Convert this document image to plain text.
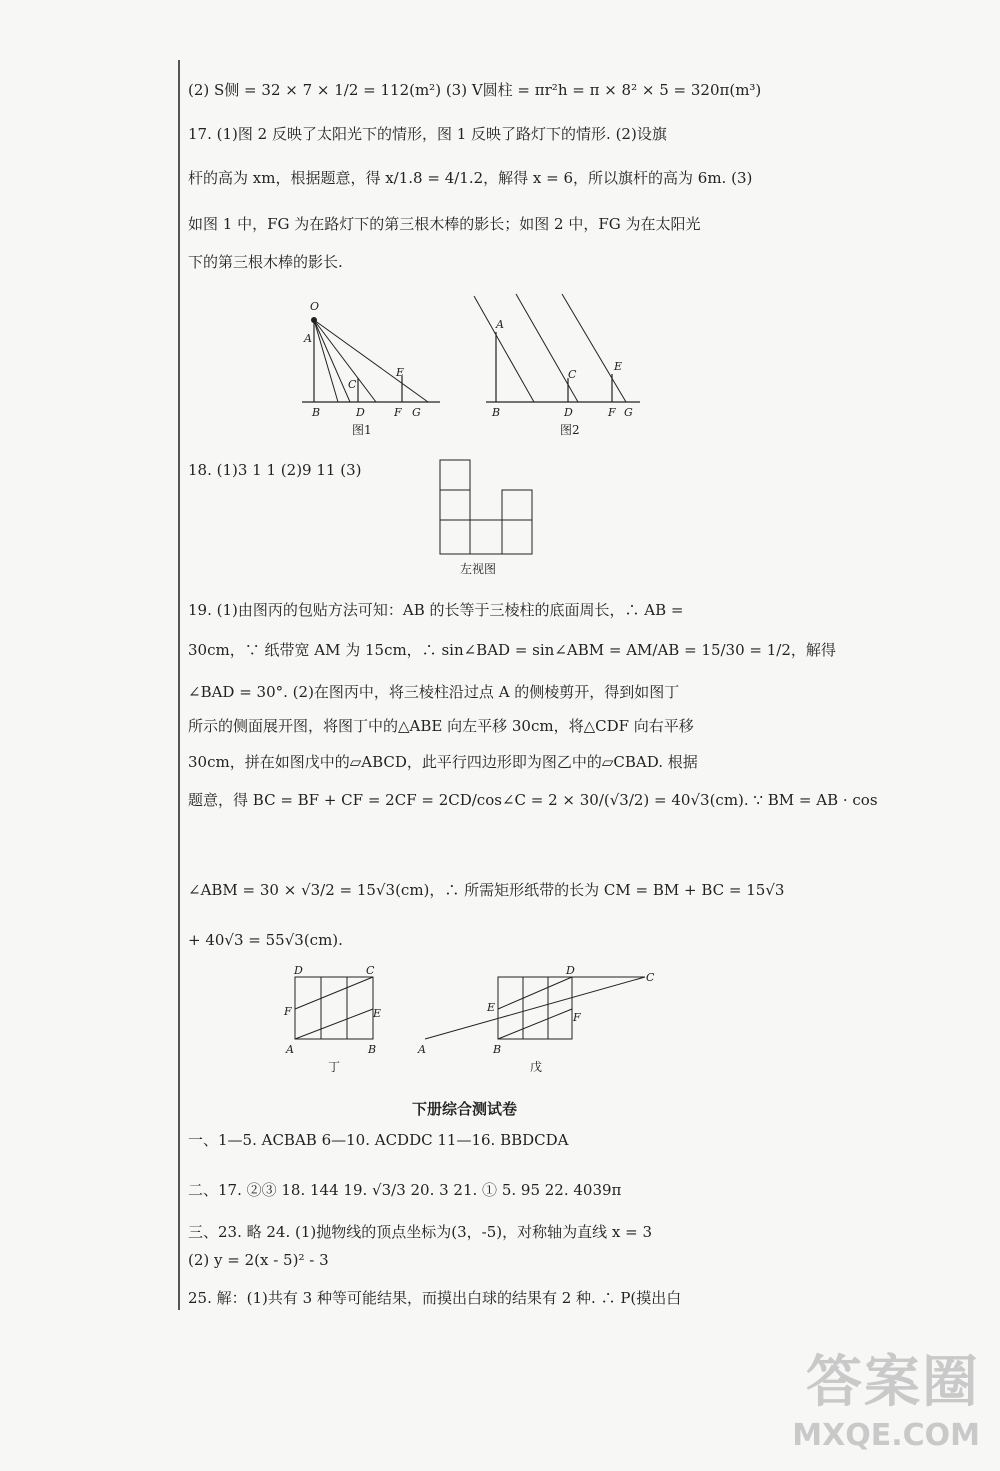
(2) S侧 = 32 × 7 × 1/2 = 112(m²) (3) V圆柱 = πr²h = π × 8² × 5 = 320π(m³)
17. (1)图 2 反映了太阳光下的情形，图 1 反映了路灯下的情形. (2)设旗
杆的高为 xm，根据题意，得 x/1.8 = 4/1.2，解得 x = 6，所以旗杆的高为 6m. (3)
如图 1 中，FG 为在路灯下的第三根木棒的影长；如图 2 中，FG 为在太阳光
下的第三根木棒的影长.
O
A
B
C
D
E
F G
图1
A
B
C
D
E
F G
图2
18. (1)3 1 1 (2)9 11 (3)
左视图
19. (1)由图丙的包贴方法可知：AB 的长等于三棱柱的底面周长，∴ AB =
30cm，∵ 纸带宽 AM 为 15cm，∴ sin∠BAD = sin∠ABM = AM/AB = 15/30 = 1/2，解得
∠BAD = 30°. (2)在图丙中，将三棱柱沿过点 A 的侧棱剪开，得到如图丁
所示的侧面展开图，将图丁中的△ABE 向左平移 30cm，将△CDF 向右平移
30cm，拼在如图戊中的▱ABCD，此平行四边形即为图乙中的▱CBAD. 根据
题意，得 BC = BF + CF = 2CF = 2CD/cos∠C = 2 × 30/(√3/2) = 40√3(cm). ∵ BM = AB · cos
∠ABM = 30 × √3/2 = 15√3(cm)，∴ 所需矩形纸带的长为 CM = BM + BC = 15√3
+ 40√3 = 55√3(cm).
D	C
F	E
A	B
丁
D
C
E
F
A	B
戊
下册综合测试卷
一、1—5. ACBAB 6—10. ACDDC 11—16. BBDCDA
二、17. ②③ 18. 144 19. √3/3 20. 3 21. ① 5. 95 22. 4039π
三、23. 略 24. (1)抛物线的顶点坐标为(3，-5)，对称轴为直线 x = 3
(2) y = 2(x - 5)² - 3
25. 解：(1)共有 3 种等可能结果，而摸出白球的结果有 2 种. ∴ P(摸出白
答案圈
MXQE.COM
